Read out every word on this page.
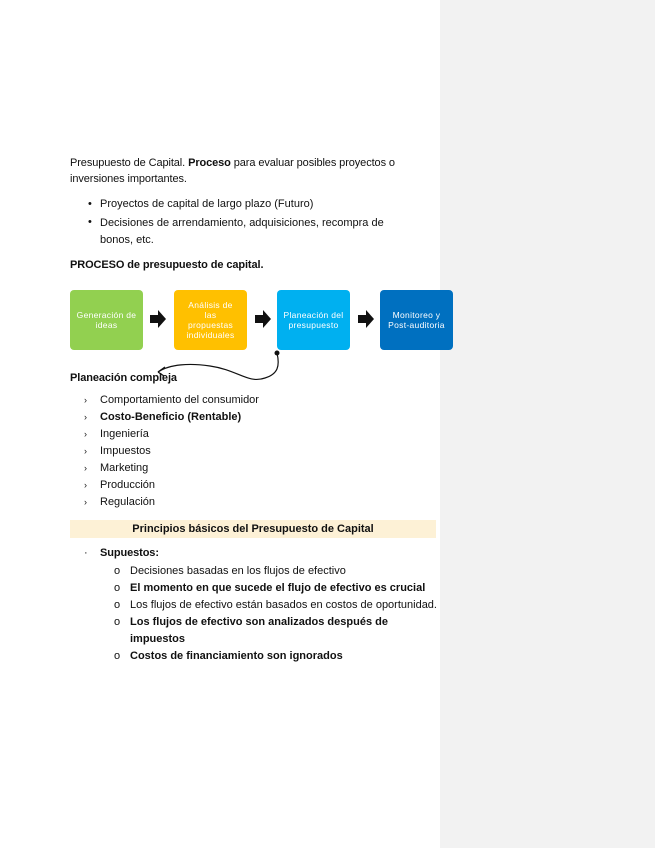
Presupuesto de Capital. Proceso para evaluar posibles proyectos o inversiones importantes.
• Proyectos de capital de largo plazo (Futuro)
• Decisiones de arrendamiento, adquisiciones, recompra de bonos, etc.
PROCESO de presupuesto de capital.
Generación de ideas
Análisis de las propuestas individuales
Planeación del presupuesto
Monitoreo y Post-auditoria
Planeación compleja
› Comportamiento del consumidor
› Costo-Beneficio (Rentable)
› Ingeniería
› Impuestos
› Marketing
› Producción
› Regulación
Principios básicos del Presupuesto de Capital
· Supuestos:
o Decisiones basadas en los flujos de efectivo
o El momento en que sucede el flujo de efectivo es crucial
o Los flujos de efectivo están basados en costos de oportunidad.
o Los flujos de efectivo son analizados después de impuestos
o Costos de financiamiento son ignorados
